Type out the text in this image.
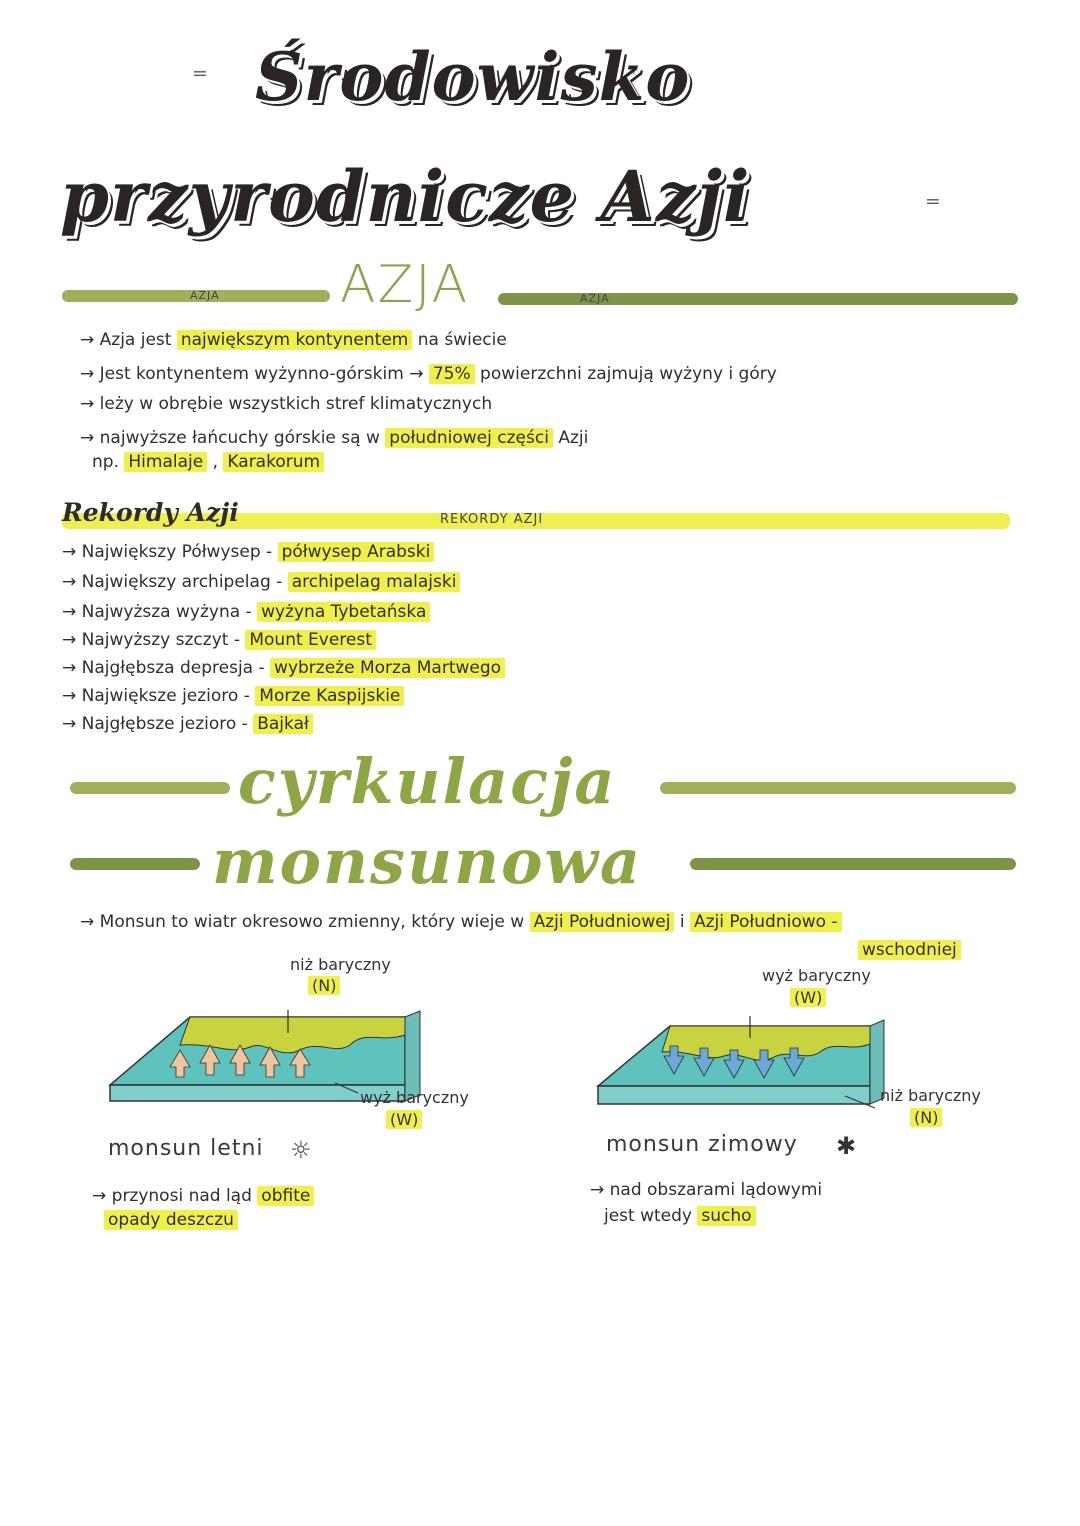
⁼ Środowisko
przyrodnicze Azji	⁼
AZJA AZJA	AZJA
→ Azja jest największym kontynentem na świecie
→ Jest kontynentem wyżynno-górskim → 75% powierzchni zajmują wyżyny i góry
→ leży w obrębie wszystkich stref klimatycznych
→ najwyższe łańcuchy górskie są w południowej części Azji
np. Himalaje , Karakorum
Rekordy Azji	REKORDY AZJI
→ Największy Półwysep - półwysep Arabski
→ Największy archipelag - archipelag malajski
→ Najwyższa wyżyna - wyżyna Tybetańska
→ Najwyższy szczyt - Mount Everest
→ Najgłębsza depresja - wybrzeże Morza Martwego
→ Największe jezioro - Morze Kaspijskie
→ Najgłębsze jezioro - Bajkał
cyrkulacja
monsunowa
→ Monsun to wiatr okresowo zmienny, który wieje w Azji Południowej i Azji Południowo -
wschodniej
niż baryczny
(N)
wyż baryczny
(W)
monsun letni ☼
→ przynosi nad ląd obfite
opady deszczu
wyż baryczny
(W)
niż baryczny
(N)
monsun zimowy ✱
→ nad obszarami lądowymi
jest wtedy sucho
